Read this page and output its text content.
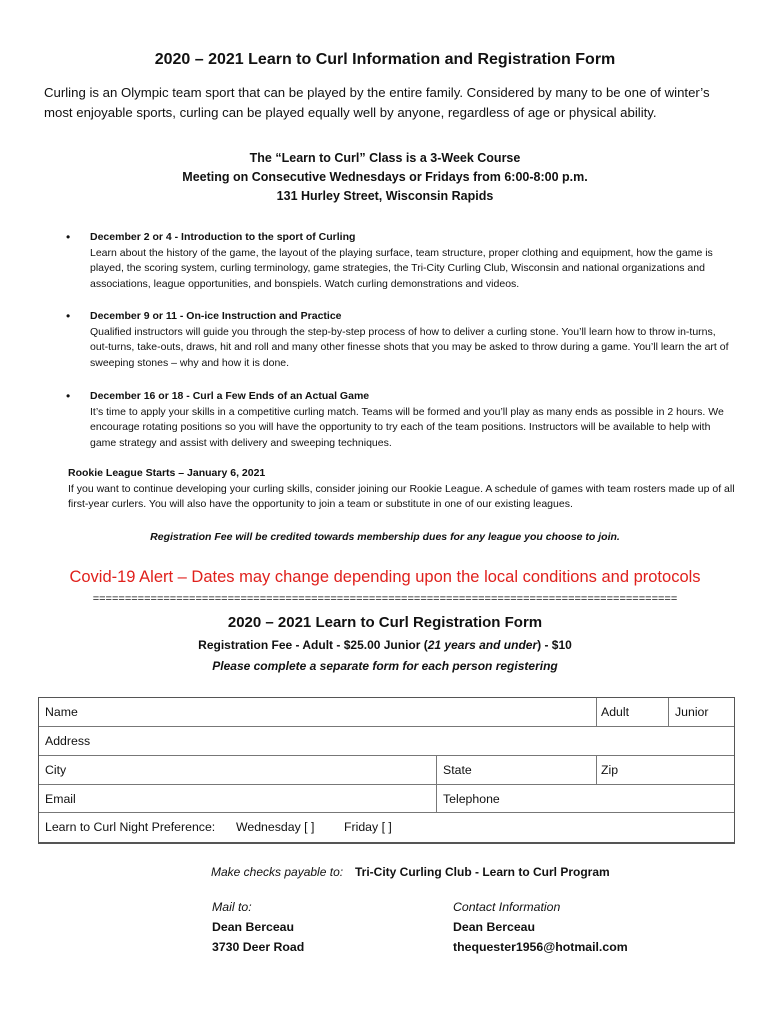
2020 – 2021 Learn to Curl Information and Registration Form
Curling is an Olympic team sport that can be played by the entire family. Considered by many to be one of winter’s most enjoyable sports, curling can be played equally well by anyone, regardless of age or physical ability.
The “Learn to Curl” Class is a 3-Week Course
Meeting on Consecutive Wednesdays or Fridays from 6:00-8:00 p.m.
131 Hurley Street, Wisconsin Rapids
• December 2 or 4 - Introduction to the sport of Curling
Learn about the history of the game, the layout of the playing surface, team structure, proper clothing and equipment, how the game is played, the scoring system, curling terminology, game strategies, the Tri-City Curling Club, Wisconsin and national organizations and associations, league opportunities, and bonspiels. Watch curling demonstrations and videos.
• December 9 or 11 - On-ice Instruction and Practice
Qualified instructors will guide you through the step-by-step process of how to deliver a curling stone. You’ll learn how to throw in-turns, out-turns, take-outs, draws, hit and roll and many other finesse shots that you may be asked to throw during a game. You’ll learn the art of sweeping stones – why and how it is done.
• December 16 or 18 - Curl a Few Ends of an Actual Game
It’s time to apply your skills in a competitive curling match. Teams will be formed and you’ll play as many ends as possible in 2 hours. We encourage rotating positions so you will have the opportunity to try each of the team positions. Instructors will be available to help with game strategy and assist with delivery and sweeping techniques.
Rookie League Starts – January 6, 2021
If you want to continue developing your curling skills, consider joining our Rookie League. A schedule of games with team rosters made up of all first-year curlers. You will also have the opportunity to join a team or substitute in one of our existing leagues.
Registration Fee will be credited towards membership dues for any league you choose to join.
Covid-19 Alert – Dates may change depending upon the local conditions and protocols
===========================================================================================
2020 – 2021 Learn to Curl Registration Form
Registration Fee - Adult - $25.00 Junior (21 years and under) - $10
Please complete a separate form for each person registering
Name	Adult	Junior
Address
City	State	Zip
Email	Telephone
Learn to Curl Night Preference: Wednesday [ ] Friday [ ]
Make checks payable to: Tri-City Curling Club - Learn to Curl Program
Mail to:
Dean Berceau
3730 Deer Road
Contact Information
Dean Berceau
thequester1956@hotmail.com
